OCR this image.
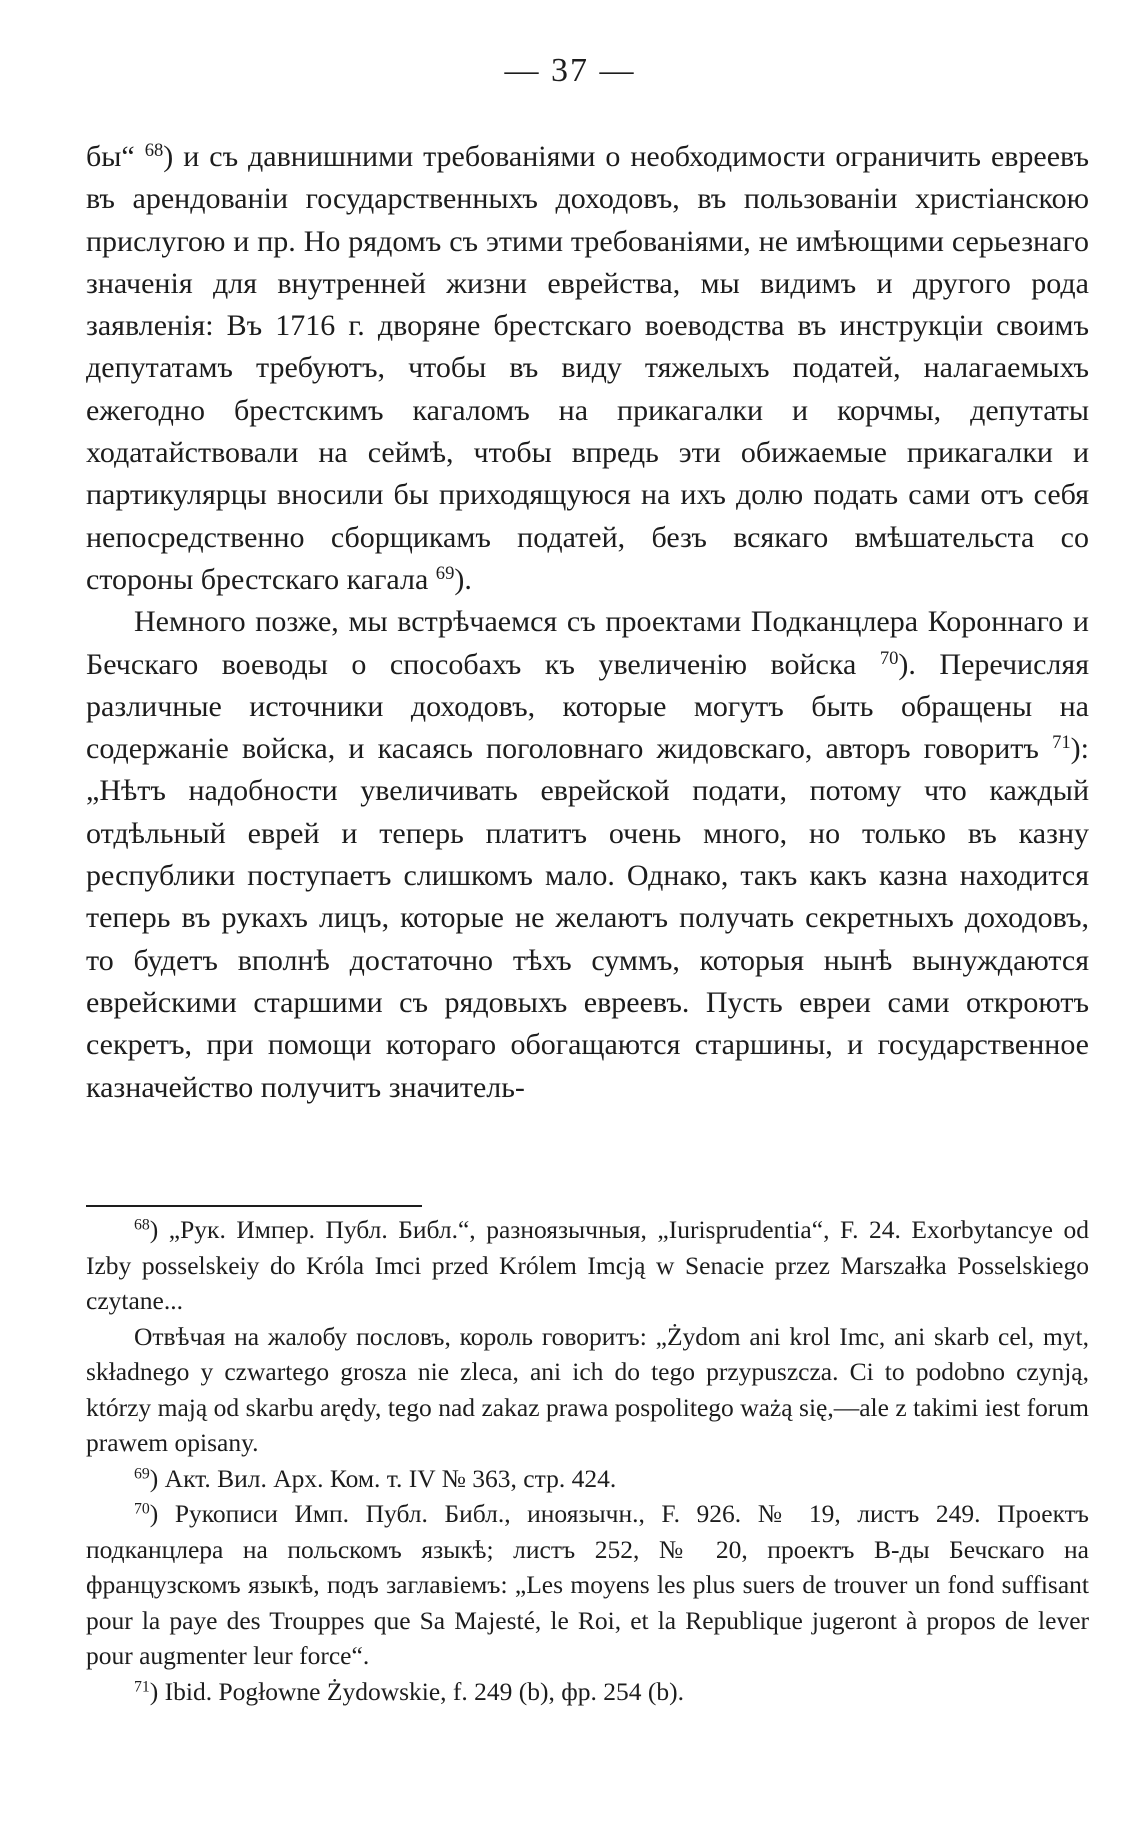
— 37 —

бы“ $^{68}$) и съ давнишними требованіями о необходимости ограничить евреевъ въ арендованіи государственныхъ доходовъ, въ пользованіи христіанскою прислугою и пр. Но рядомъ съ этими требованіями, не имѣющими серьезнаго значенія для внутренней жизни еврейства, мы видимъ и другого рода заявленія: Въ 1716 г. дворяне брестскаго воеводства въ инструкціи своимъ депутатамъ требуютъ, чтобы въ виду тяжелыхъ податей, налагаемыхъ ежегодно брестскимъ кагаломъ на прикагалки и корчмы, депутаты ходатайствовали на сеймѣ, чтобы впредь эти обижаемые прикагалки и партикулярцы вносили бы приходящуюся на ихъ долю подать сами отъ себя непосредственно сборщикамъ податей, безъ всякаго вмѣшательста со стороны брестскаго кагала $^{69}$).

Немного позже, мы встрѣчаемся съ проектами Подканцлера Короннаго и Бечскаго воеводы о способахъ къ увеличенію войска $^{70}$). Перечисляя различные источники доходовъ, которые могутъ быть обращены на содержаніе войска, и касаясь поголовнаго жидовскаго, авторъ говоритъ $^{71}$): „Нѣтъ надобности увеличивать еврейской подати, потому что каждый отдѣльный еврей и теперь платитъ очень много, но только въ казну республики поступаетъ слишкомъ мало. Однако, такъ какъ казна находится теперь въ рукахъ лицъ, которые не желаютъ получать секретныхъ доходовъ, то будетъ вполнѣ достаточно тѣхъ суммъ, которыя нынѣ вынуждаются еврейскими старшими съ рядовыхъ евреевъ. Пусть евреи сами откроютъ секретъ, при помощи котораго обогащаются старшины, и государственное казначейство получитъ значитель-

$^{68}$) „Рук. Импер. Публ. Библ.“, разноязычныя, „Iurisprudentia“, F. 24. Exorbytancye od Izby posselskeiy do Króla Imci przed Królem Imcją w Senacie przez Marszałka Posselskiego czytane...

Отвѣчая на жалобу пословъ, король говоритъ: „Żydom ani krol Imc, ani skarb cel, myt, składnego y czwartego grosza nie zleca, ani ich do tego przypuszcza. Ci to podobno czynją, którzy mają od skarbu arędy, tego nad zakaz prawa pospolitego ważą się,—ale z takimi iest forum prawem opisany.

$^{69}$) Акт. Вил. Арх. Ком. т. IV № 363, стр. 424.

$^{70}$) Рукописи Имп. Публ. Библ., иноязычн., F. 926. № 19, листъ 249. Проектъ подканцлера на польскомъ языкѣ; листъ 252, № 20, проектъ В-ды Бечскаго на французскомъ языкѣ, подъ заглавіемъ: „Les moyens les plus suers de trouver un fond suffisant pour la paye des Trouppes que Sa Majesté, le Roi, et la Republique jugeront à propos de lever pour augmenter leur force“.

$^{71}$) Ibid. Pogłowne Żydowskie, f. 249 (b), фр. 254 (b).
